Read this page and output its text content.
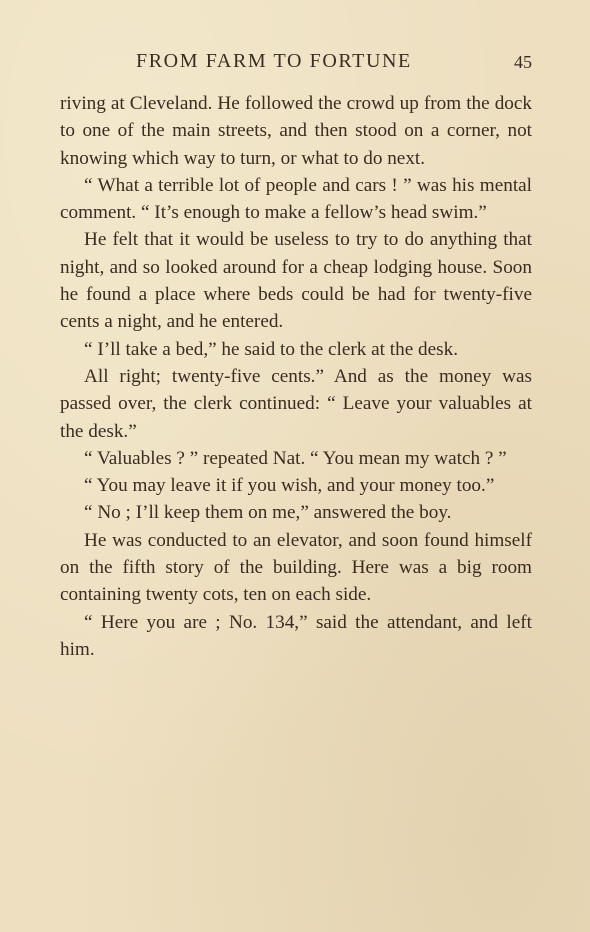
FROM FARM TO FORTUNE	45

riving at Cleveland. He followed the crowd up from the dock to one of the main streets, and then stood on a corner, not knowing which way to turn, or what to do next.

“ What a terrible lot of people and cars ! ” was his mental comment. “ It’s enough to make a fellow’s head swim.”

He felt that it would be useless to try to do anything that night, and so looked around for a cheap lodging house. Soon he found a place where beds could be had for twenty-five cents a night, and he entered.

“ I’ll take a bed,” he said to the clerk at the desk.

All right; twenty-five cents.” And as the money was passed over, the clerk continued: “ Leave your valuables at the desk.”

“ Valuables ? ” repeated Nat. “ You mean my watch ? ”

“ You may leave it if you wish, and your money too.”

“ No ; I’ll keep them on me,” answered the boy.

He was conducted to an elevator, and soon found himself on the fifth story of the building. Here was a big room containing twenty cots, ten on each side.

“ Here you are ; No. 134,” said the attendant, and left him.
